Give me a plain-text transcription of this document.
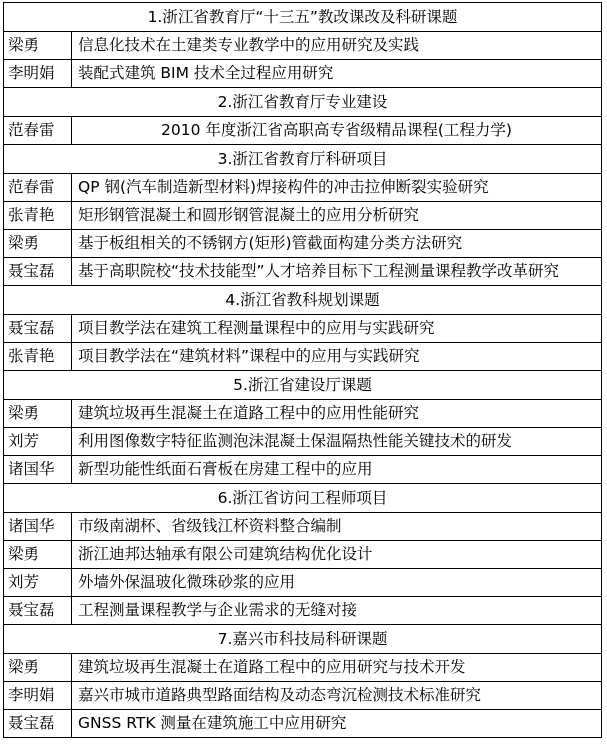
1.浙江省教育厅“十三五”教改课改及科研课题	
梁勇	信息化技术在土建类专业教学中的应用研究及实践
李明娟	装配式建筑 BIM 技术全过程应用研究
2.浙江省教育厅专业建设	
范春雷	2010 年度浙江省高职高专省级精品课程(工程力学)
3.浙江省教育厅科研项目	
范春雷	QP 钢(汽车制造新型材料)焊接构件的冲击拉伸断裂实验研究
张青艳	矩形钢管混凝土和圆形钢管混凝土的应用分析研究
梁勇	基于板组相关的不锈钢方(矩形)管截面构建分类方法研究
聂宝磊	基于高职院校“技术技能型”人才培养目标下工程测量课程教学改革研究
4.浙江省教科规划课题	
聂宝磊	项目教学法在建筑工程测量课程中的应用与实践研究
张青艳	项目教学法在“建筑材料”课程中的应用与实践研究
5.浙江省建设厅课题	
梁勇	建筑垃圾再生混凝土在道路工程中的应用性能研究
刘芳	利用图像数字特征监测泡沫混凝土保温隔热性能关键技术的研发
诸国华	新型功能性纸面石膏板在房建工程中的应用
6.浙江省访问工程师项目	
诸国华	市级南湖杯、省级钱江杯资料整合编制
梁勇	浙江迪邦达轴承有限公司建筑结构优化设计
刘芳	外墙外保温玻化微珠砂浆的应用
聂宝磊	工程测量课程教学与企业需求的无缝对接
7.嘉兴市科技局科研课题	
梁勇	建筑垃圾再生混凝土在道路工程中的应用研究与技术开发
李明娟	嘉兴市城市道路典型路面结构及动态弯沉检测技术标准研究
聂宝磊	GNSS RTK 测量在建筑施工中应用研究
